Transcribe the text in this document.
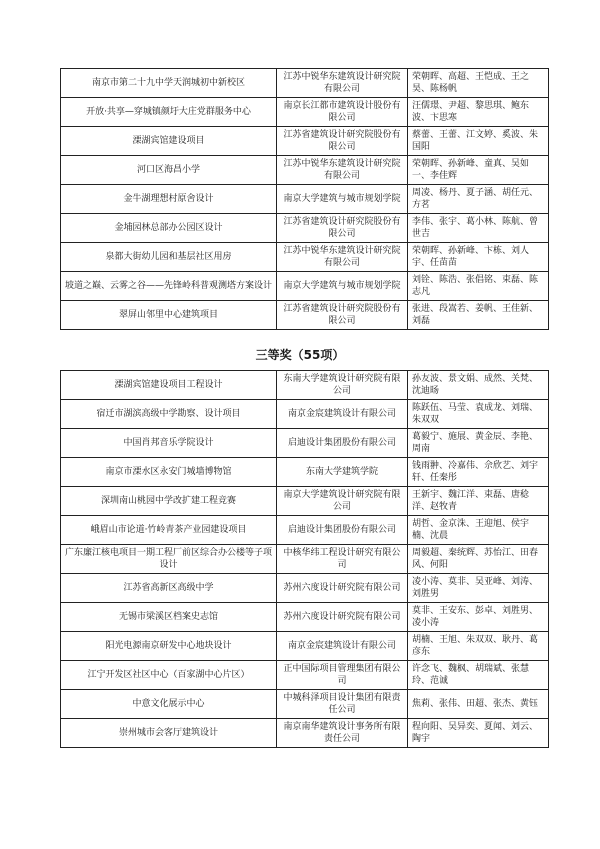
南京市第二十九中学天润城初中新校区	江苏中锐华东建筑设计研究院有限公司	荣朝晖、高超、王恺成、王之昊、陈杨帆
开放·共享—穿城镇颜圩大庄党群服务中心	南京长江都市建筑设计股份有限公司	汪儒璟、尹超、黎思琪、鲍东波、卞思寒
溧湖宾馆建设项目	江苏省建筑设计研究院股份有限公司	蔡蕾、王蕾、江文婷、奚波、朱国阳
河口区海昌小学	江苏中锐华东建筑设计研究院有限公司	荣朝晖、孙新峰、童真、吴如一、李佳辉
金牛湖理想村原舍设计	南京大学建筑与城市规划学院	周凌、杨丹、夏子涵、胡任元、方茗
金埔园林总部办公园区设计	江苏省建筑设计研究院股份有限公司	李伟、张宇、葛小林、陈航、曾世吉
泉都大街幼儿园和基层社区用房	江苏中锐华东建筑设计研究院有限公司	荣朝晖、孙新峰、卞栋、刘人宇、任苗苗
坡道之巅、云雾之谷——先锋岭科普观测塔方案设计	南京大学建筑与城市规划学院	刘铨、陈浩、张倡铭、束磊、陈志凡
翠屏山邻里中心建筑项目	江苏省建筑设计研究院股份有限公司	张进、段嵩若、姜帆、王佳新、刘磊
三等奖（55项）
溧湖宾馆建设项目工程设计	东南大学建筑设计研究院有限公司	孙友波、景文娟、成然、关梵、沈迪旸
宿迁市湖滨高级中学勘察、设计项目	南京金宸建筑设计有限公司	陈跃伍、马莹、袁成龙、刘瑞、朱双双
中国肖邦音乐学院设计	启迪设计集团股份有限公司	葛毅宁、施展、黄金辰、李艳、周南
南京市溧水区永安门城墙博物馆	东南大学建筑学院	钱雨翀、冷嘉伟、佘欣艺、刘宇轩、任秦彤
深圳南山桃园中学改扩建工程竞赛	南京大学建筑设计研究院有限公司	王新宇、魏江洋、束磊、唐稔洋、赵牧青
峨眉山市论道·竹岭青茶产业园建设项目	启迪设计集团股份有限公司	胡哲、金京洙、王迎旭、侯宇楠、沈晨
广东廉江核电项目一期工程厂前区综合办公楼等子项设计	中核华纬工程设计研究有限公司	周毅超、秦统辉、苏怡江、田春风、何阳
江苏省高新区高级中学	苏州六度设计研究院有限公司	凌小涛、莫非、吴亚峰、刘涛、刘胜男
无锡市梁溪区档案史志馆	苏州六度设计研究院有限公司	莫非、王安东、彭卓、刘胜男、凌小涛
阳光电源南京研发中心地块设计	南京金宸建筑设计有限公司	胡楠、王旭、朱双双、耿丹、葛彦东
江宁开发区社区中心（百家湖中心片区）	正中国际项目管理集团有限公司	许念飞、魏枫、胡瑞斌、张慧玲、范诚
中意文化展示中心	中城科泽项目设计集团有限责任公司	焦莉、张伟、田超、张杰、黄钰
崇州城市会客厅建筑设计	南京南华建筑设计事务所有限责任公司	程向阳、吴异奕、夏闻、刘云、陶宇
